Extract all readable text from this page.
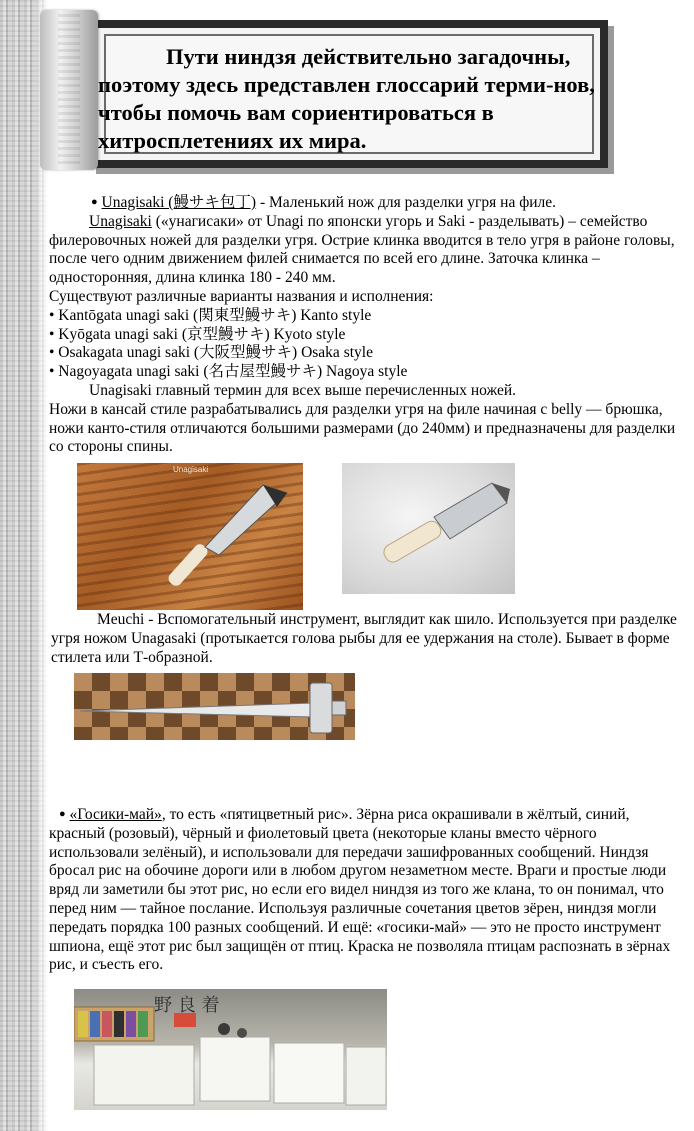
Пути ниндзя действительно загадочны, поэтому здесь представлен глоссарий терми-нов, чтобы помочь вам сориентироваться в хитросплетениях их мира.

● Unagisaki (鰻サキ包丁) - Маленький нож для разделки угря на филе.

Unagisaki («унагисаки» от Unagi по японски угорь и Saki - разделывать) – семейство филеровочных ножей для разделки угря. Острие клинка вводится в тело угря в районе головы, после чего одним движением филей снимается по всей его длине. Заточка клинка – односторонняя, длина клинка 180 - 240 мм.

Существуют различные варианты названия и исполнения:

• Kantōgata unagi saki (関東型鰻サキ) Kanto style

• Kyōgata unagi saki (京型鰻サキ) Kyoto style

• Osakagata unagi saki (大阪型鰻サキ) Osaka style

• Nagoyagata unagi saki (名古屋型鰻サキ) Nagoya style

Unagisaki главный термин для всех выше перечисленных ножей.

Ножи в кансай стиле разрабатывались для разделки угря на филе начиная с belly — брюшка, ножи канто-стиля отличаются большими размерами (до 240мм) и предназначены для разделки со стороны спины.

Unagisaki

Meuchi - Вспомогательный инструмент, выглядит как шило. Используется при разделке угря ножом Unagasaki (протыкается голова рыбы для ее удержания на столе). Бывает в форме стилета или Т-образной.

● «Госики-май», то есть «пятицветный рис». Зёрна риса окрашивали в жёлтый, синий, красный (розовый), чёрный и фиолетовый цвета (некоторые кланы вместо чёрного использовали зелёный), и использовали для передачи зашифрованных сообщений. Ниндзя бросал рис на обочине дороги или в любом другом незаметном месте. Враги и простые люди вряд ли заметили бы этот рис, но если его видел ниндзя из того же клана, то он понимал, что перед ним — тайное послание. Используя различные сочетания цветов зёрен, ниндзя могли передать порядка 100 разных сообщений. И ещё: «госики-май» — это не просто инструмент шпиона, ещё этот рис был защищён от птиц. Краска не позволяла птицам распознать в зёрнах рис, и съесть его.

野 良 着
